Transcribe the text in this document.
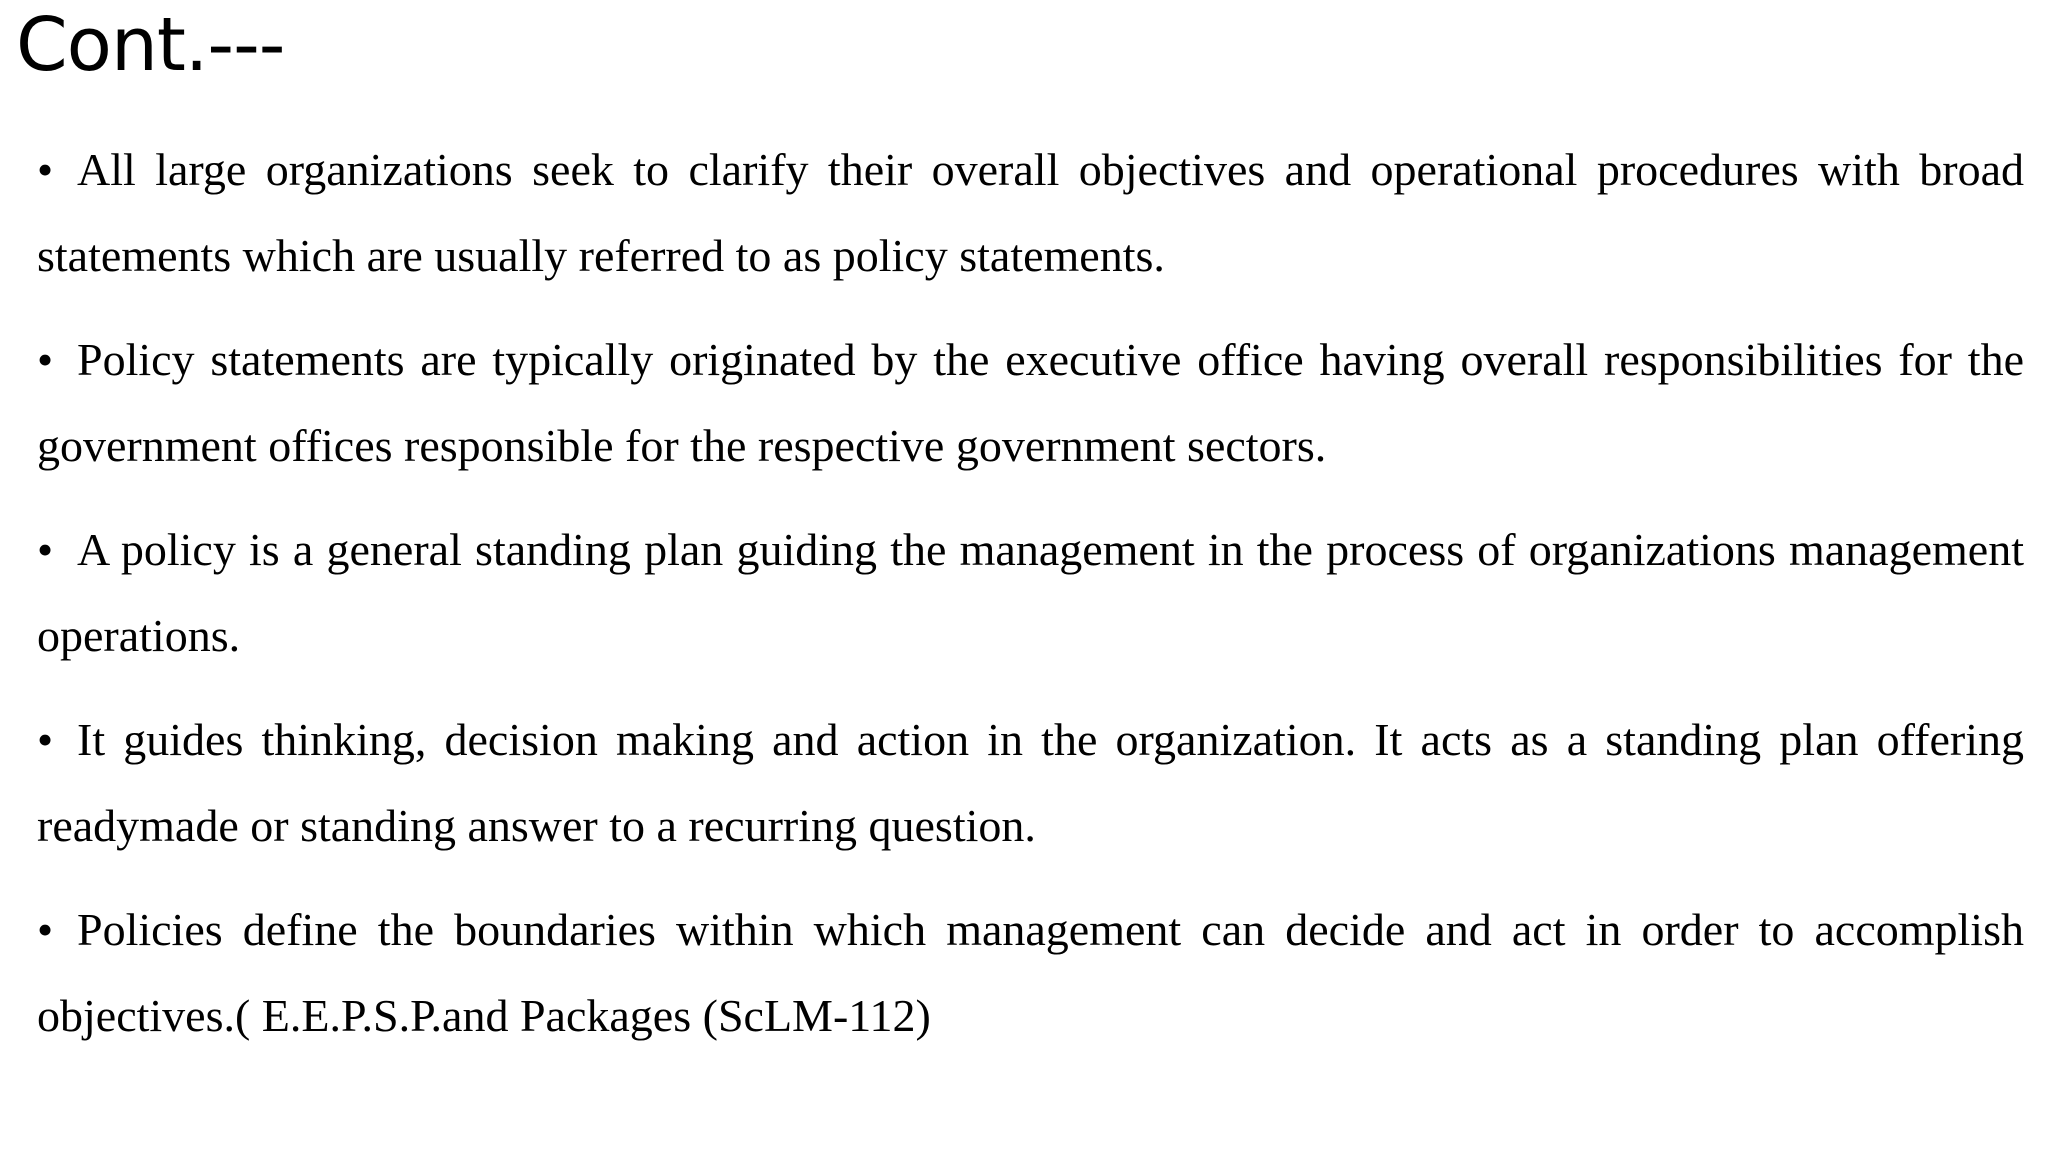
Cont.---
• All large organizations seek to clarify their overall objectives and operational procedures with broad statements which are usually referred to as policy statements.
• Policy statements are typically originated by the executive office having overall responsibilities for the government offices responsible for the respective government sectors.
• A policy is a general standing plan guiding the management in the process of organizations management operations.
• It guides thinking, decision making and action in the organization. It acts as a standing plan offering readymade or standing answer to a recurring question.
• Policies define the boundaries within which management can decide and act in order to accomplish objectives.( E.E.P.S.P.and Packages (ScLM-112)
